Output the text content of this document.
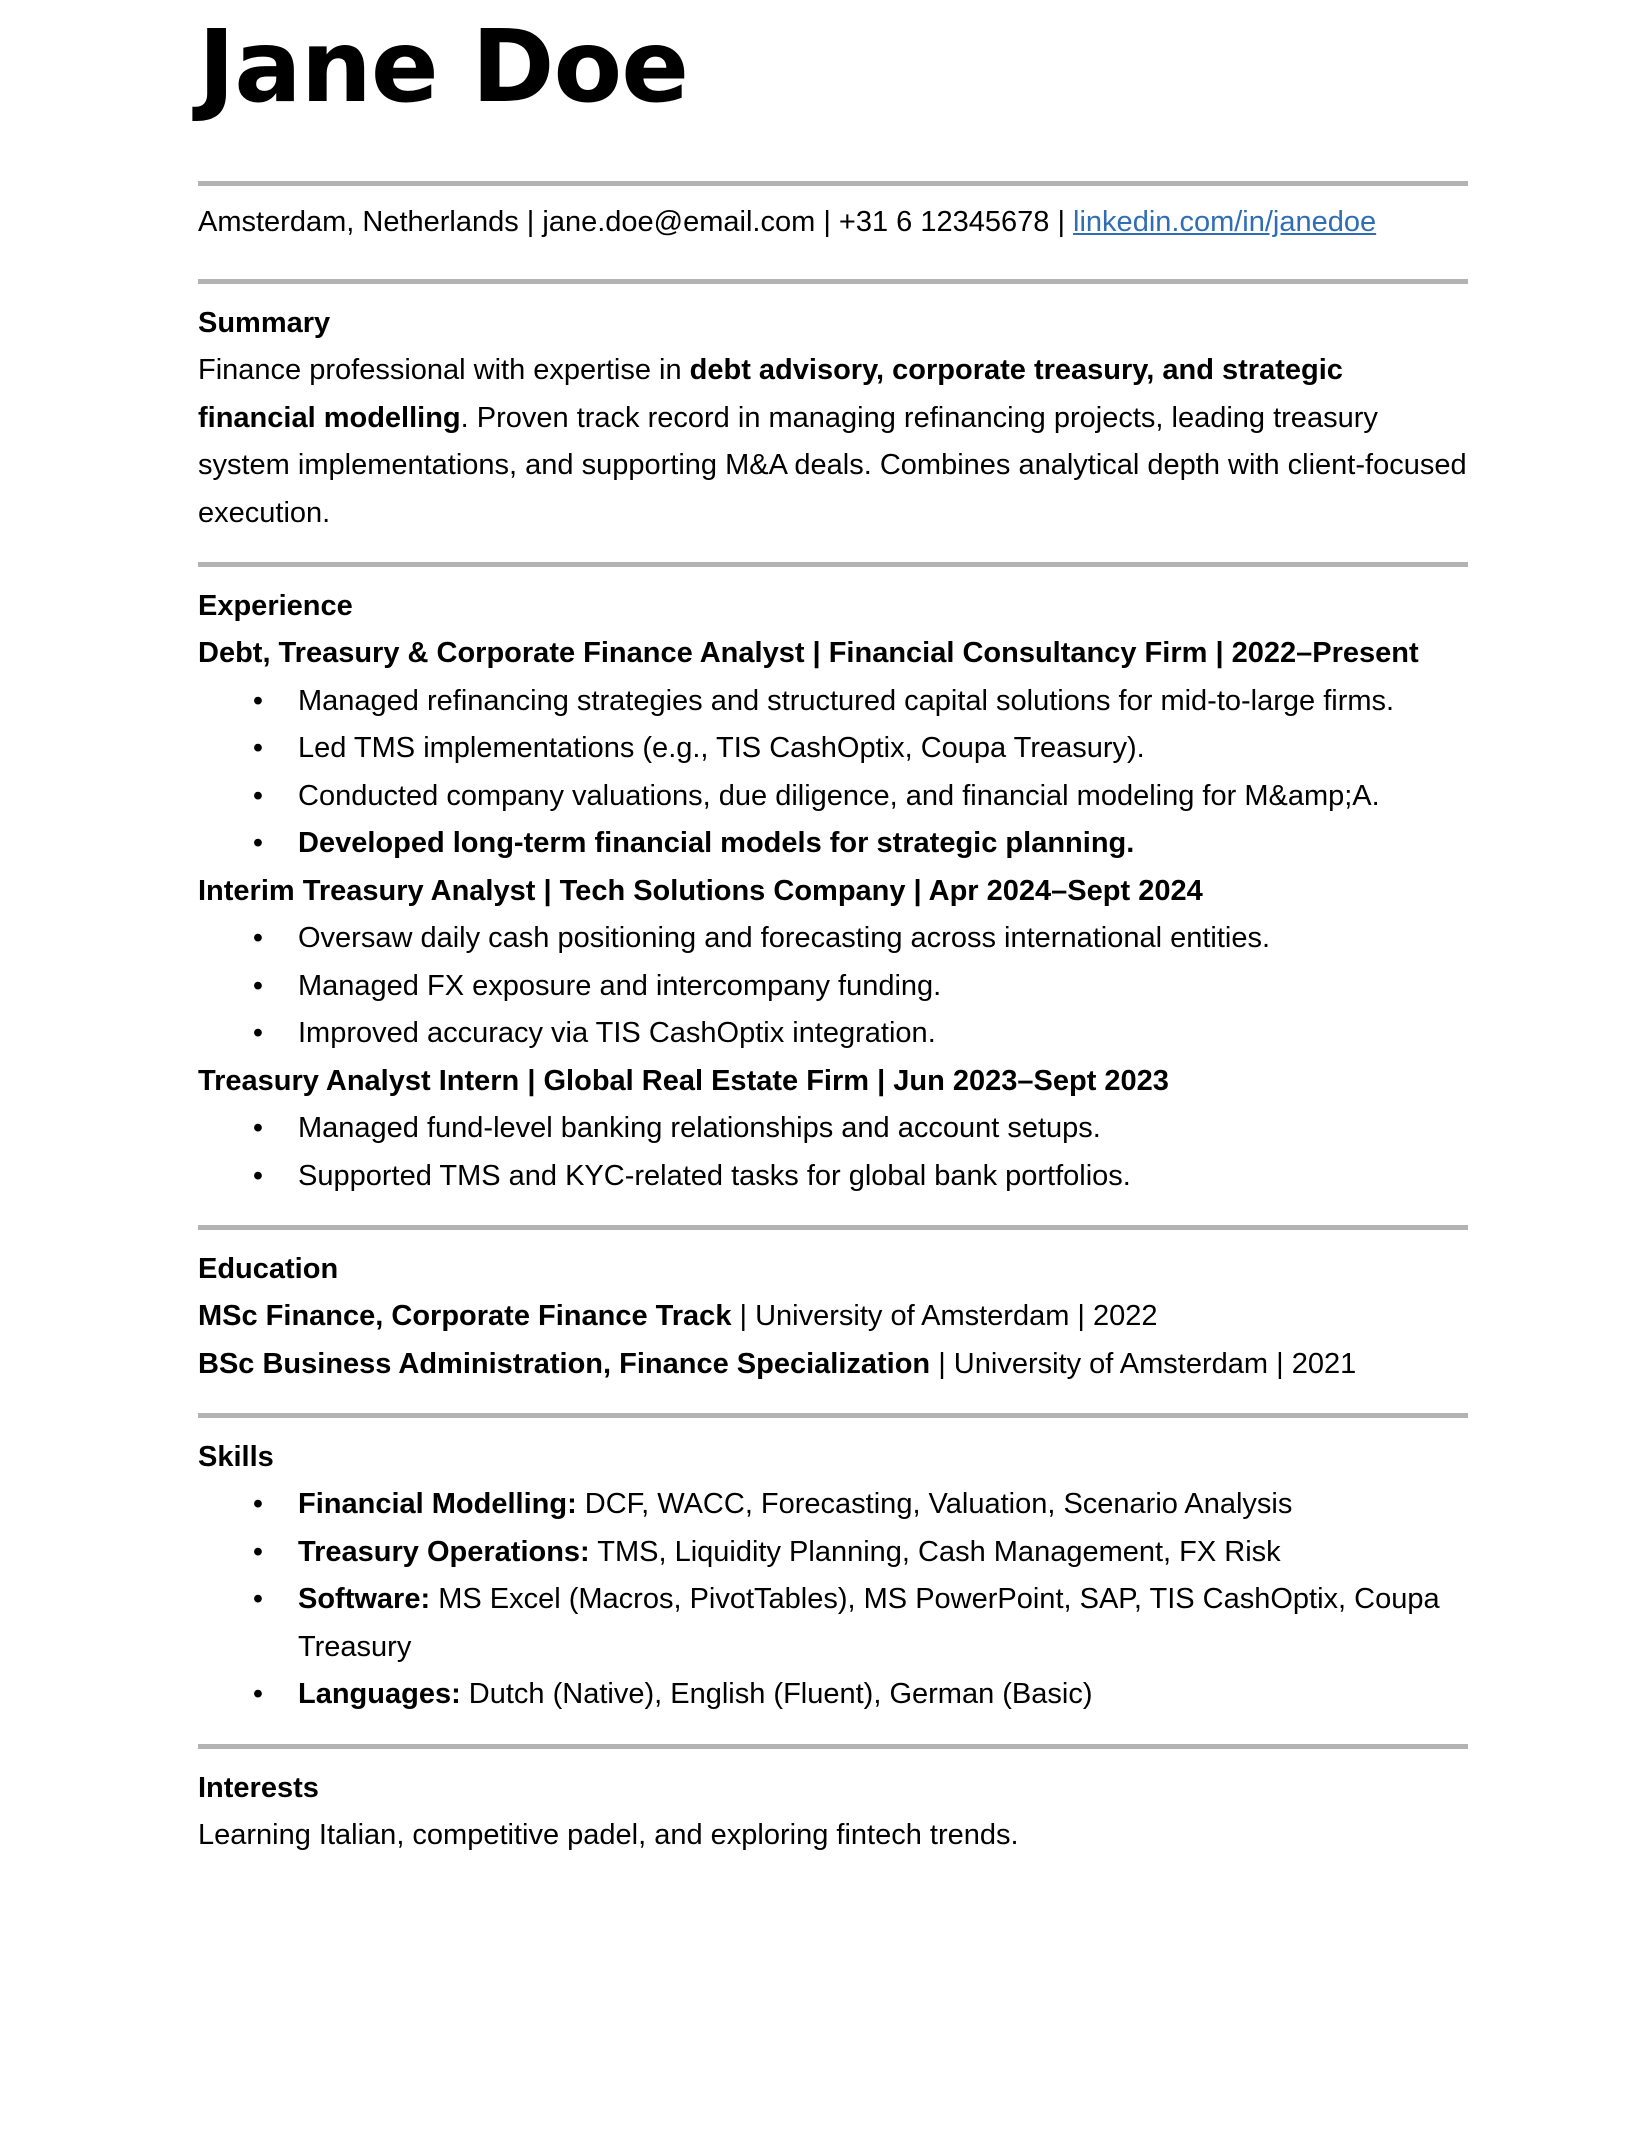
Jane Doe
Amsterdam, Netherlands | jane.doe@email.com | +31 6 12345678 | linkedin.com/in/janedoe
Summary
Finance professional with expertise in debt advisory, corporate treasury, and strategic financial modelling. Proven track record in managing refinancing projects, leading treasury system implementations, and supporting M&A deals. Combines analytical depth with client-focused execution.
Experience
Debt, Treasury & Corporate Finance Analyst | Financial Consultancy Firm | 2022–Present
• Managed refinancing strategies and structured capital solutions for mid-to-large firms.
• Led TMS implementations (e.g., TIS CashOptix, Coupa Treasury).
• Conducted company valuations, due diligence, and financial modeling for M&amp;A.
• Developed long-term financial models for strategic planning.
Interim Treasury Analyst | Tech Solutions Company | Apr 2024–Sept 2024
• Oversaw daily cash positioning and forecasting across international entities.
• Managed FX exposure and intercompany funding.
• Improved accuracy via TIS CashOptix integration.
Treasury Analyst Intern | Global Real Estate Firm | Jun 2023–Sept 2023
• Managed fund-level banking relationships and account setups.
• Supported TMS and KYC-related tasks for global bank portfolios.
Education
MSc Finance, Corporate Finance Track | University of Amsterdam | 2022
BSc Business Administration, Finance Specialization | University of Amsterdam | 2021
Skills
• Financial Modelling: DCF, WACC, Forecasting, Valuation, Scenario Analysis
• Treasury Operations: TMS, Liquidity Planning, Cash Management, FX Risk
• Software: MS Excel (Macros, PivotTables), MS PowerPoint, SAP, TIS CashOptix, Coupa Treasury
• Languages: Dutch (Native), English (Fluent), German (Basic)
Interests
Learning Italian, competitive padel, and exploring fintech trends.
